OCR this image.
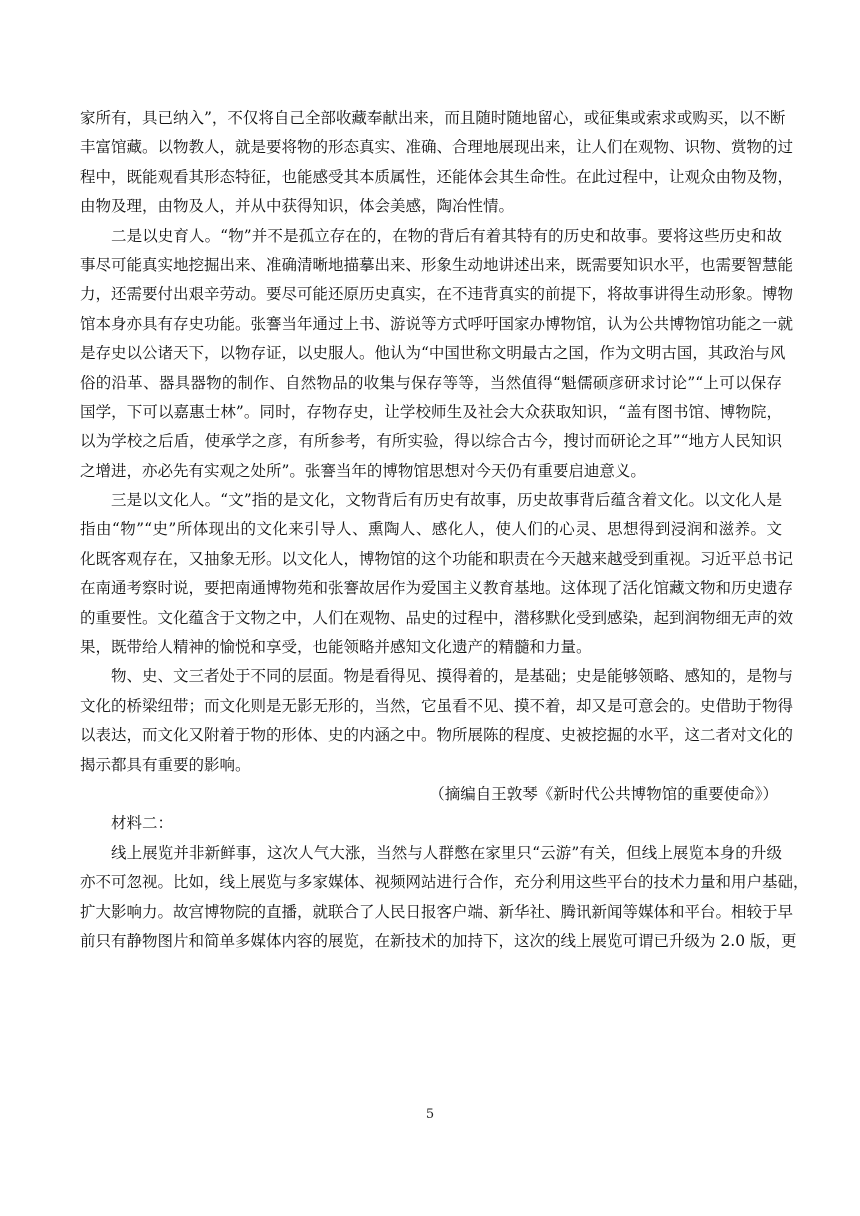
家所有，具已纳入”，不仅将自己全部收藏奉献出来，而且随时随地留心，或征集或索求或购买，以不断
丰富馆藏。以物教人，就是要将物的形态真实、准确、合理地展现出来，让人们在观物、识物、赏物的过
程中，既能观看其形态特征，也能感受其本质属性，还能体会其生命性。在此过程中，让观众由物及物，
由物及理，由物及人，并从中获得知识，体会美感，陶冶性情。
二是以史育人。“物”并不是孤立存在的，在物的背后有着其特有的历史和故事。要将这些历史和故
事尽可能真实地挖掘出来、准确清晰地描摹出来、形象生动地讲述出来，既需要知识水平，也需要智慧能
力，还需要付出艰辛劳动。要尽可能还原历史真实，在不违背真实的前提下，将故事讲得生动形象。博物
馆本身亦具有存史功能。张謇当年通过上书、游说等方式呼吁国家办博物馆，认为公共博物馆功能之一就
是存史以公诸天下，以物存证，以史服人。他认为“中国世称文明最古之国，作为文明古国，其政治与风
俗的沿革、器具器物的制作、自然物品的收集与保存等等，当然值得“魁儒硕彦研求讨论”“上可以保存
国学，下可以嘉惠士林”。同时，存物存史，让学校师生及社会大众获取知识，“盖有图书馆、博物院，
以为学校之后盾，使承学之彦，有所参考，有所实验，得以综合古今，搜讨而研论之耳”“地方人民知识
之增进，亦必先有实观之处所”。张謇当年的博物馆思想对今天仍有重要启迪意义。
三是以文化人。“文”指的是文化，文物背后有历史有故事，历史故事背后蕴含着文化。以文化人是
指由“物”“史”所体现出的文化来引导人、熏陶人、感化人，使人们的心灵、思想得到浸润和滋养。文
化既客观存在，又抽象无形。以文化人，博物馆的这个功能和职责在今天越来越受到重视。习近平总书记
在南通考察时说，要把南通博物苑和张謇故居作为爱国主义教育基地。这体现了活化馆藏文物和历史遗存
的重要性。文化蕴含于文物之中，人们在观物、品史的过程中，潜移默化受到感染，起到润物细无声的效
果，既带给人精神的愉悦和享受，也能领略并感知文化遗产的精髓和力量。
物、史、文三者处于不同的层面。物是看得见、摸得着的，是基础；史是能够领略、感知的，是物与
文化的桥梁纽带；而文化则是无影无形的，当然，它虽看不见、摸不着，却又是可意会的。史借助于物得
以表达，而文化又附着于物的形体、史的内涵之中。物所展陈的程度、史被挖掘的水平，这二者对文化的
揭示都具有重要的影响。
（摘编自王敦琴《新时代公共博物馆的重要使命》）
材料二：
线上展览并非新鲜事，这次人气大涨，当然与人群憋在家里只“云游”有关，但线上展览本身的升级
亦不可忽视。比如，线上展览与多家媒体、视频网站进行合作，充分利用这些平台的技术力量和用户基础，
扩大影响力。故宫博物院的直播，就联合了人民日报客户端、新华社、腾讯新闻等媒体和平台。相较于早
前只有静物图片和简单多媒体内容的展览，在新技术的加持下，这次的线上展览可谓已升级为 2.0 版，更
5
